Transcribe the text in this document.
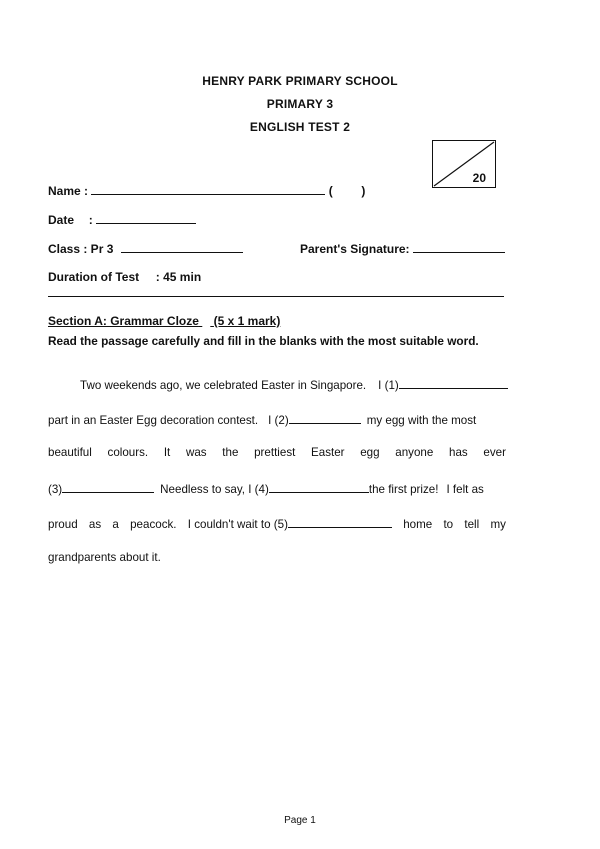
HENRY PARK PRIMARY SCHOOL
PRIMARY 3
ENGLISH TEST 2
20
Name :	( )
Date :
Class : Pr 3	Parent's Signature:
Duration of Test : 45 min
Section A: Grammar Cloze (5 x 1 mark)
Read the passage carefully and fill in the blanks with the most suitable word.
Two weekends ago, we celebrated Easter in Singapore. I (1)
part in an Easter Egg decoration contest. I (2)	my egg with the most
beautiful colours. It was the prettiest Easter egg anyone has ever
(3)	Needless to say, I (4)	the first prize! I felt as
proud as a peacock. I couldn't wait to (5)	home to tell my
grandparents about it.
Page 1
